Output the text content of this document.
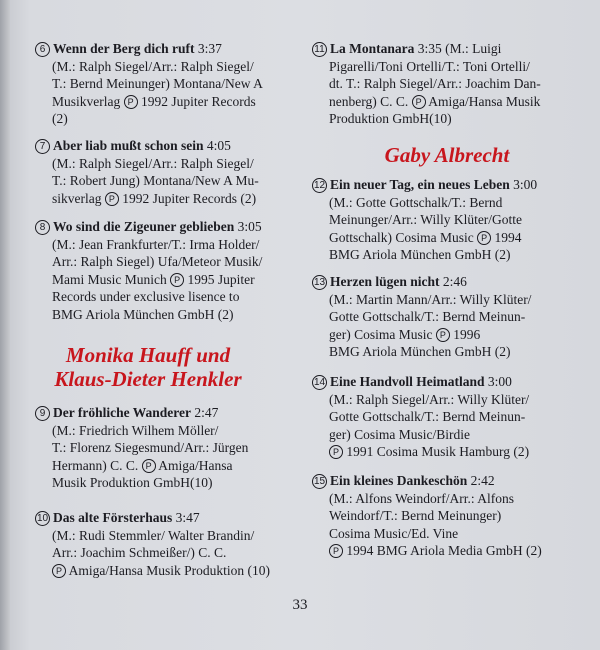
6 Wenn der Berg dich ruft 3:37
(M.: Ralph Siegel/Arr.: Ralph Siegel/
T.: Bernd Meinunger) Montana/New A
Musikverlag P 1992 Jupiter Records
(2)
7 Aber liab mußt schon sein 4:05
(M.: Ralph Siegel/Arr.: Ralph Siegel/
T.: Robert Jung) Montana/New A Mu-
sikverlag P 1992 Jupiter Records (2)
8 Wo sind die Zigeuner geblieben 3:05
(M.: Jean Frankfurter/T.: Irma Holder/
Arr.: Ralph Siegel) Ufa/Meteor Musik/
Mami Music Munich P 1995 Jupiter
Records under exclusive lisence to
BMG Ariola München GmbH (2)
Monika Hauff und
Klaus-Dieter Henkler
9 Der fröhliche Wanderer 2:47
(M.: Friedrich Wilhem Möller/
T.: Florenz Siegesmund/Arr.: Jürgen
Hermann) C. C. P Amiga/Hansa
Musik Produktion GmbH(10)
10 Das alte Försterhaus 3:47
(M.: Rudi Stemmler/ Walter Brandin/
Arr.: Joachim Schmeißer/) C. C.
P Amiga/Hansa Musik Produktion (10)
11 La Montanara 3:35 (M.: Luigi
Pigarelli/Toni Ortelli/T.: Toni Ortelli/
dt. T.: Ralph Siegel/Arr.: Joachim Dan-
nenberg) C. C. P Amiga/Hansa Musik
Produktion GmbH(10)
Gaby Albrecht
12 Ein neuer Tag, ein neues Leben 3:00
(M.: Gotte Gottschalk/T.: Bernd
Meinunger/Arr.: Willy Klüter/Gotte
Gottschalk) Cosima Music P 1994
BMG Ariola München GmbH (2)
13 Herzen lügen nicht 2:46
(M.: Martin Mann/Arr.: Willy Klüter/
Gotte Gottschalk/T.: Bernd Meinun-
ger) Cosima Music P 1996
BMG Ariola München GmbH (2)
14 Eine Handvoll Heimatland 3:00
(M.: Ralph Siegel/Arr.: Willy Klüter/
Gotte Gottschalk/T.: Bernd Meinun-
ger) Cosima Music/Birdie
P 1991 Cosima Musik Hamburg (2)
15 Ein kleines Dankeschön 2:42
(M.: Alfons Weindorf/Arr.: Alfons
Weindorf/T.: Bernd Meinunger)
Cosima Music/Ed. Vine
P 1994 BMG Ariola Media GmbH (2)
33
